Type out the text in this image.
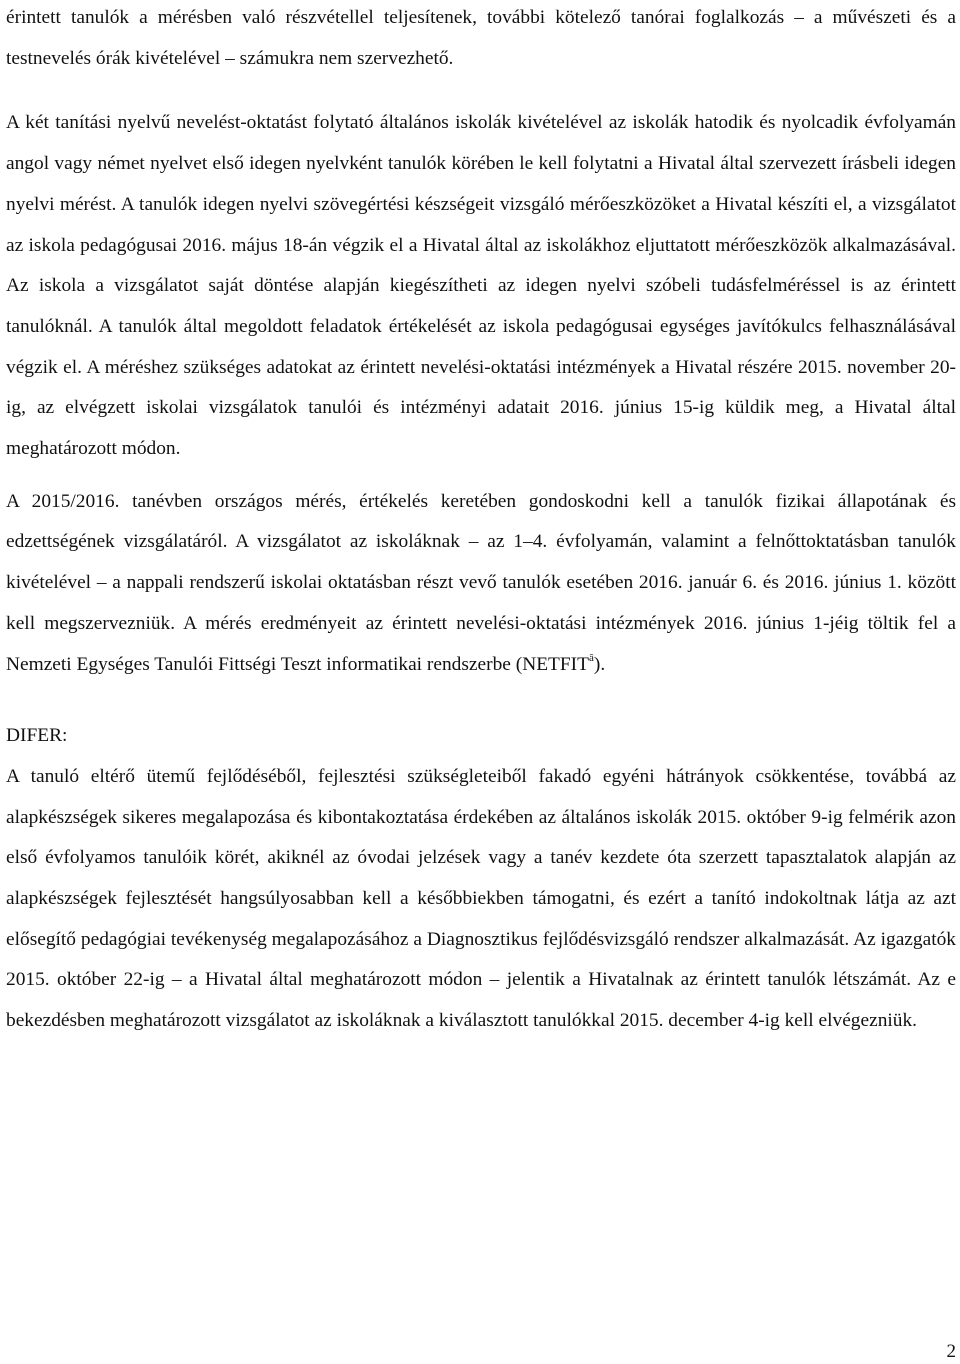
érintett tanulók a mérésben való részvétellel teljesítenek, további kötelező tanórai foglalkozás – a művészeti és a testnevelés órák kivételével – számukra nem szervezhető.

A két tanítási nyelvű nevelést-oktatást folytató általános iskolák kivételével az iskolák hatodik és nyolcadik évfolyamán angol vagy német nyelvet első idegen nyelvként tanulók körében le kell folytatni a Hivatal által szervezett írásbeli idegen nyelvi mérést. A tanulók idegen nyelvi szövegértési készségeit vizsgáló mérőeszközöket a Hivatal készíti el, a vizsgálatot az iskola pedagógusai 2016. május 18-án végzik el a Hivatal által az iskolákhoz eljuttatott mérőeszközök alkalmazásával. Az iskola a vizsgálatot saját döntése alapján kiegészítheti az idegen nyelvi szóbeli tudásfelméréssel is az érintett tanulóknál. A tanulók által megoldott feladatok értékelését az iskola pedagógusai egységes javítókulcs felhasználásával végzik el. A méréshez szükséges adatokat az érintett nevelési-oktatási intézmények a Hivatal részére 2015. november 20-ig, az elvégzett iskolai vizsgálatok tanulói és intézményi adatait 2016. június 15-ig küldik meg, a Hivatal által meghatározott módon.

A 2015/2016. tanévben országos mérés, értékelés keretében gondoskodni kell a tanulók fizikai állapotának és edzettségének vizsgálatáról. A vizsgálatot az iskoláknak – az 1–4. évfolyamán, valamint a felnőttoktatásban tanulók kivételével – a nappali rendszerű iskolai oktatásban részt vevő tanulók esetében 2016. január 6. és 2016. június 1. között kell megszervezniük. A mérés eredményeit az érintett nevelési-oktatási intézmények 2016. június 1-jéig töltik fel a Nemzeti Egységes Tanulói Fittségi Teszt informatikai rendszerbe $(NETFIT^â)$.

DIFER:

A tanuló eltérő ütemű fejlődéséből, fejlesztési szükségleteiből fakadó egyéni hátrányok csökkentése, továbbá az alapkészségek sikeres megalapozása és kibontakoztatása érdekében az általános iskolák 2015. október 9-ig felmérik azon első évfolyamos tanulóik körét, akiknél az óvodai jelzések vagy a tanév kezdete óta szerzett tapasztalatok alapján az alapkészségek fejlesztését hangsúlyosabban kell a későbbiekben támogatni, és ezért a tanító indokoltnak látja az azt elősegítő pedagógiai tevékenység megalapozásához a Diagnosztikus fejlődésvizsgáló rendszer alkalmazását. Az igazgatók 2015. október 22-ig – a Hivatal által meghatározott módon – jelentik a Hivatalnak az érintett tanulók létszámát. Az e bekezdésben meghatározott vizsgálatot az iskoláknak a kiválasztott tanulókkal 2015. december 4-ig kell elvégezniük.

2
